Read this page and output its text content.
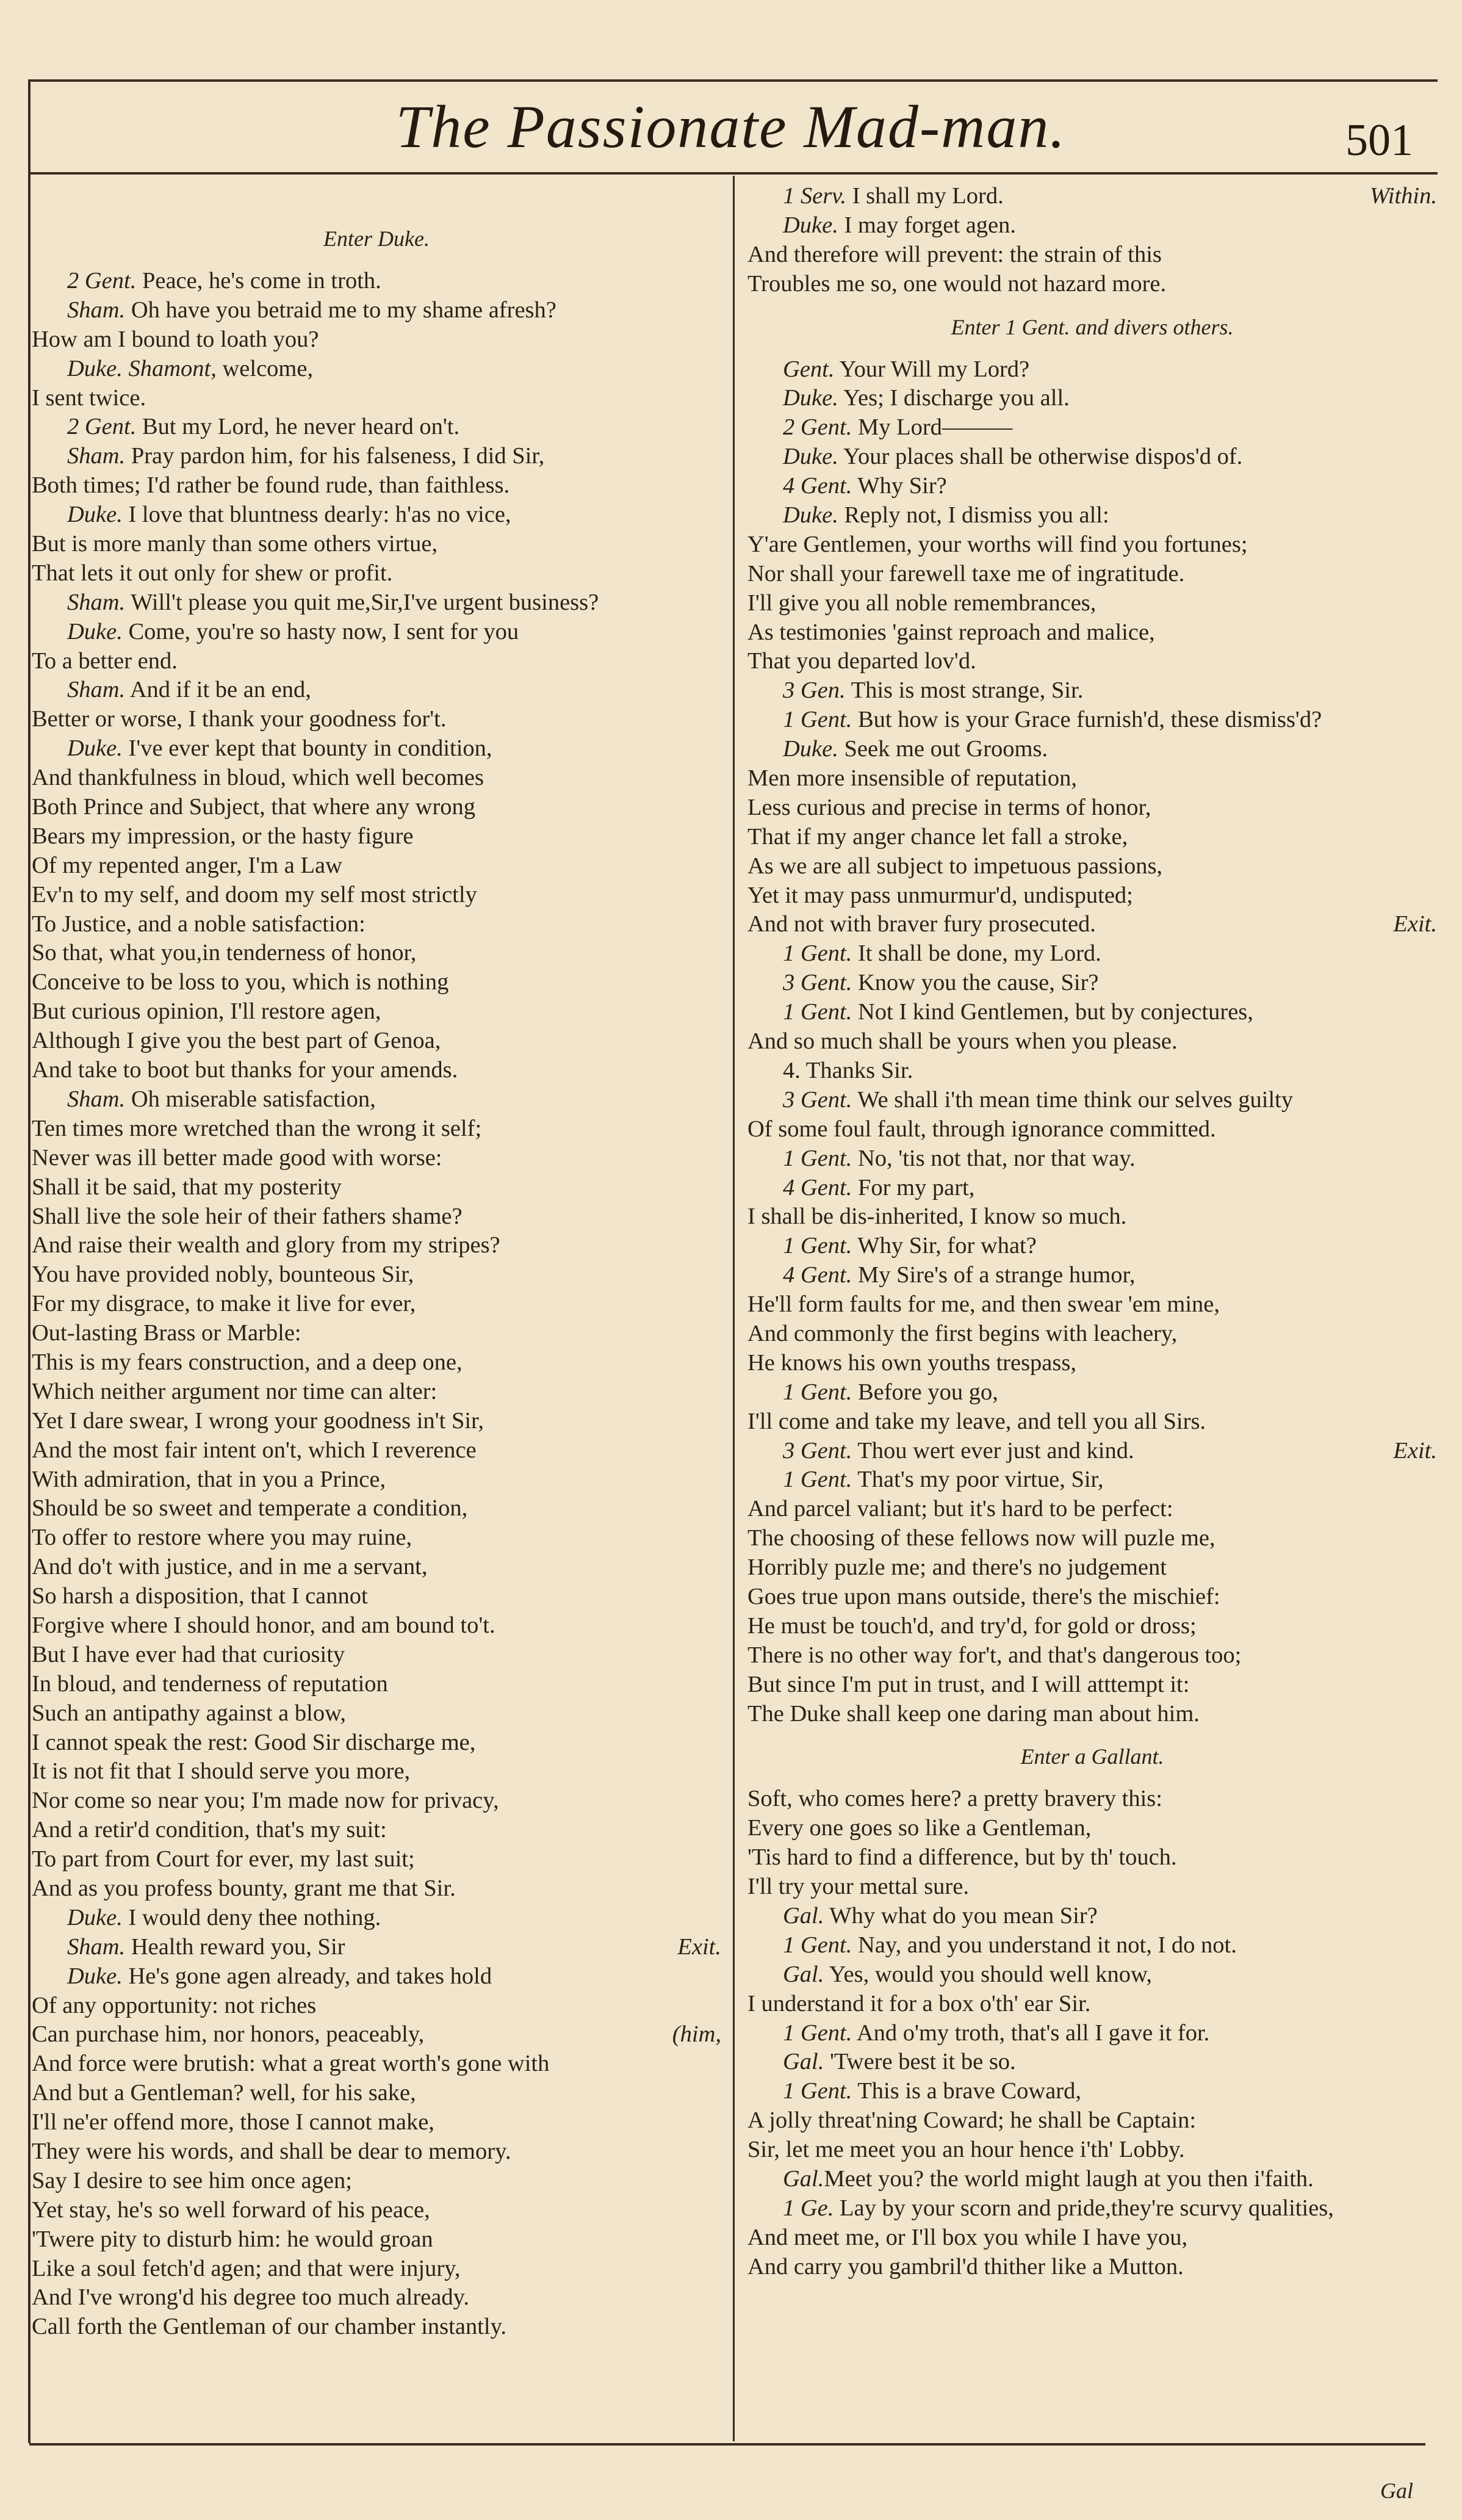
The Passionate Mad-man.	501
Enter Duke.
2 Gent. Peace, he's come in troth.
Sham. Oh have you betraid me to my shame afresh?
How am I bound to loath you?
Duke. Shamont, welcome,
I sent twice.
2 Gent. But my Lord, he never heard on't.
Sham. Pray pardon him, for his falseness, I did Sir,
Both times; I'd rather be found rude, than faithless.
Duke. I love that bluntness dearly: h'as no vice,
But is more manly than some others virtue,
That lets it out only for shew or profit.
Sham. Will't please you quit me,Sir,I've urgent business?
Duke. Come, you're so hasty now, I sent for you
To a better end.
Sham. And if it be an end,
Better or worse, I thank your goodness for't.
Duke. I've ever kept that bounty in condition,
And thankfulness in bloud, which well becomes
Both Prince and Subject, that where any wrong
Bears my impression, or the hasty figure
Of my repented anger, I'm a Law
Ev'n to my self, and doom my self most strictly
To Justice, and a noble satisfaction:
So that, what you,in tenderness of honor,
Conceive to be loss to you, which is nothing
But curious opinion, I'll restore agen,
Although I give you the best part of Genoa,
And take to boot but thanks for your amends.
Sham. Oh miserable satisfaction,
Ten times more wretched than the wrong it self;
Never was ill better made good with worse:
Shall it be said, that my posterity
Shall live the sole heir of their fathers shame?
And raise their wealth and glory from my stripes?
You have provided nobly, bounteous Sir,
For my disgrace, to make it live for ever,
Out-lasting Brass or Marble:
This is my fears construction, and a deep one,
Which neither argument nor time can alter:
Yet I dare swear, I wrong your goodness in't Sir,
And the most fair intent on't, which I reverence
With admiration, that in you a Prince,
Should be so sweet and temperate a condition,
To offer to restore where you may ruine,
And do't with justice, and in me a servant,
So harsh a disposition, that I cannot
Forgive where I should honor, and am bound to't.
But I have ever had that curiosity
In bloud, and tenderness of reputation
Such an antipathy against a blow,
I cannot speak the rest: Good Sir discharge me,
It is not fit that I should serve you more,
Nor come so near you; I'm made now for privacy,
And a retir'd condition, that's my suit:
To part from Court for ever, my last suit;
And as you profess bounty, grant me that Sir.
Duke. I would deny thee nothing.
Sham. Health reward you, Sir	Exit.
Duke. He's gone agen already, and takes hold
Of any opportunity: not riches
Can purchase him, nor honors, peaceably,	(him,
And force were brutish: what a great worth's gone with
And but a Gentleman? well, for his sake,
I'll ne'er offend more, those I cannot make,
They were his words, and shall be dear to memory.
Say I desire to see him once agen;
Yet stay, he's so well forward of his peace,
'Twere pity to disturb him: he would groan
Like a soul fetch'd agen; and that were injury,
And I've wrong'd his degree too much already.
Call forth the Gentleman of our chamber instantly.
1 Serv. I shall my Lord.	Within.
Duke. I may forget agen.
And therefore will prevent: the strain of this
Troubles me so, one would not hazard more.
Enter 1 Gent. and divers others.
Gent. Your Will my Lord?
Duke. Yes; I discharge you all.
2 Gent. My Lord———
Duke. Your places shall be otherwise dispos'd of.
4 Gent. Why Sir?
Duke. Reply not, I dismiss you all:
Y'are Gentlemen, your worths will find you fortunes;
Nor shall your farewell taxe me of ingratitude.
I'll give you all noble remembrances,
As testimonies 'gainst reproach and malice,
That you departed lov'd.
3 Gen. This is most strange, Sir.
1 Gent. But how is your Grace furnish'd, these dismiss'd?
Duke. Seek me out Grooms.
Men more insensible of reputation,
Less curious and precise in terms of honor,
That if my anger chance let fall a stroke,
As we are all subject to impetuous passions,
Yet it may pass unmurmur'd, undisputed;
And not with braver fury prosecuted.	Exit.
1 Gent. It shall be done, my Lord.
3 Gent. Know you the cause, Sir?
1 Gent. Not I kind Gentlemen, but by conjectures,
And so much shall be yours when you please.
4. Thanks Sir.
3 Gent. We shall i'th mean time think our selves guilty
Of some foul fault, through ignorance committed.
1 Gent. No, 'tis not that, nor that way.
4 Gent. For my part,
I shall be dis-inherited, I know so much.
1 Gent. Why Sir, for what?
4 Gent. My Sire's of a strange humor,
He'll form faults for me, and then swear 'em mine,
And commonly the first begins with leachery,
He knows his own youths trespass,
1 Gent. Before you go,
I'll come and take my leave, and tell you all Sirs.
3 Gent. Thou wert ever just and kind.	Exit.
1 Gent. That's my poor virtue, Sir,
And parcel valiant; but it's hard to be perfect:
The choosing of these fellows now will puzle me,
Horribly puzle me; and there's no judgement
Goes true upon mans outside, there's the mischief:
He must be touch'd, and try'd, for gold or dross;
There is no other way for't, and that's dangerous too;
But since I'm put in trust, and I will atttempt it:
The Duke shall keep one daring man about him.
Enter a Gallant.
Soft, who comes here? a pretty bravery this:
Every one goes so like a Gentleman,
'Tis hard to find a difference, but by th' touch.
I'll try your mettal sure.
Gal. Why what do you mean Sir?
1 Gent. Nay, and you understand it not, I do not.
Gal. Yes, would you should well know,
I understand it for a box o'th' ear Sir.
1 Gent. And o'my troth, that's all I gave it for.
Gal. 'Twere best it be so.
1 Gent. This is a brave Coward,
A jolly threat'ning Coward; he shall be Captain:
Sir, let me meet you an hour hence i'th' Lobby.
Gal.Meet you? the world might laugh at you then i'faith.
1 Ge. Lay by your scorn and pride,they're scurvy qualities,
And meet me, or I'll box you while I have you,
And carry you gambril'd thither like a Mutton.
Gal
